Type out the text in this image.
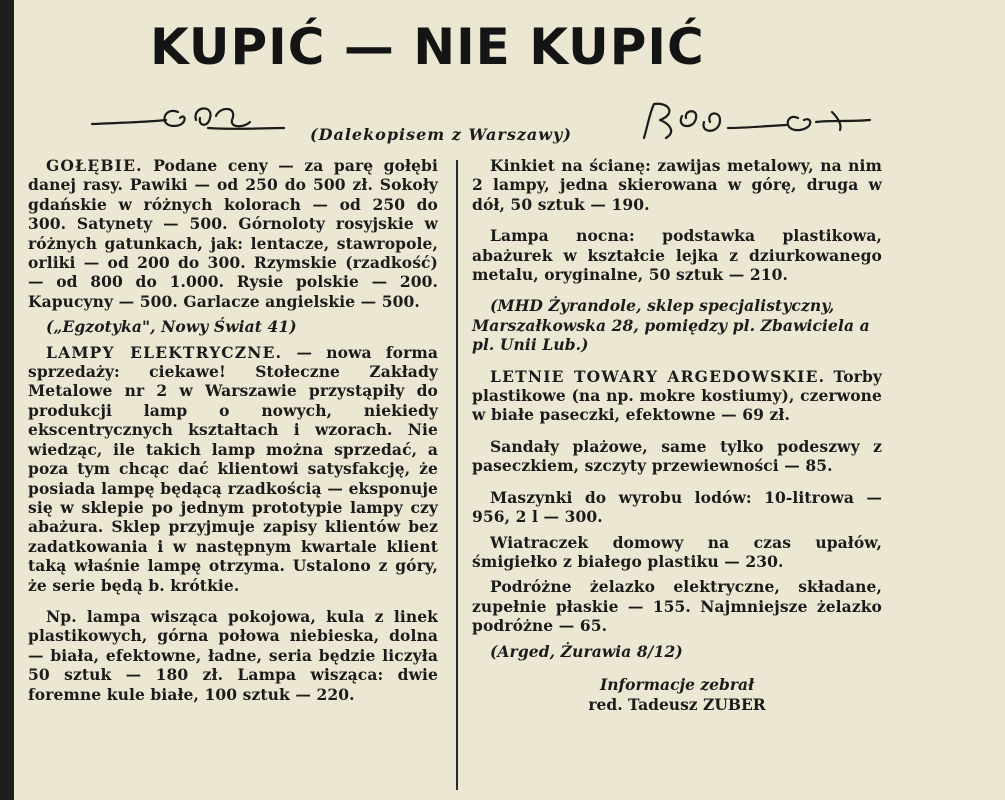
KUPIĆ — NIE KUPIĆ
(Dalekopisem z Warszawy)

GOŁĘBIE. Podane ceny — za parę gołębi danej rasy. Pawiki — od 250 do 500 zł. Sokoły gdańskie w różnych kolorach — od 250 do 300. Satynety — 500. Górnoloty rosyjskie w różnych gatunkach, jak: lentacze, stawropole, orliki — od 200 do 300. Rzymskie (rzadkość) — od 800 do 1.000. Rysie polskie — 200. Kapucyny — 500. Garlacze angielskie — 500.

(„Egzotyka", Nowy Świat 41)

LAMPY ELEKTRYCZNE. — nowa forma sprzedaży: ciekawe! Stołeczne Zakłady Metalowe nr 2 w Warszawie przystąpiły do produkcji lamp o nowych, niekiedy ekscentrycznych kształtach i wzorach. Nie wiedząc, ile takich lamp można sprzedać, a poza tym chcąc dać klientowi satysfakcję, że posiada lampę będącą rzadkością — eksponuje się w sklepie po jednym prototypie lampy czy abażura. Sklep przyjmuje zapisy klientów bez zadatkowania i w następnym kwartale klient taką właśnie lampę otrzyma. Ustalono z góry, że serie będą b. krótkie.

Np. lampa wisząca pokojowa, kula z linek plastikowych, górna połowa niebieska, dolna — biała, efektowne, ładne, seria będzie liczyła 50 sztuk — 180 zł. Lampa wisząca: dwie foremne kule białe, 100 sztuk — 220.

Kinkiet na ścianę: zawijas metalowy, na nim 2 lampy, jedna skierowana w górę, druga w dół, 50 sztuk — 190.

Lampa nocna: podstawka plastikowa, abażurek w kształcie lejka z dziurkowanego metalu, oryginalne, 50 sztuk — 210.

(MHD Żyrandole, sklep specjalistyczny, Marszałkowska 28, pomiędzy pl. Zbawiciela a pl. Unii Lub.)

LETNIE TOWARY ARGEDOWSKIE. Torby plastikowe (na np. mokre kostiumy), czerwone w białe paseczki, efektowne — 69 zł.

Sandały plażowe, same tylko podeszwy z paseczkiem, szczyty przewiewności — 85.

Maszynki do wyrobu lodów: 10-litrowa — 956, 2 l — 300.

Wiatraczek domowy na czas upałów, śmigiełko z białego plastiku — 230.

Podróżne żelazko elektryczne, składane, zupełnie płaskie — 155. Najmniejsze żelazko podróżne — 65.

(Arged, Żurawia 8/12)

Informacje zebrał
red. Tadeusz ZUBER
